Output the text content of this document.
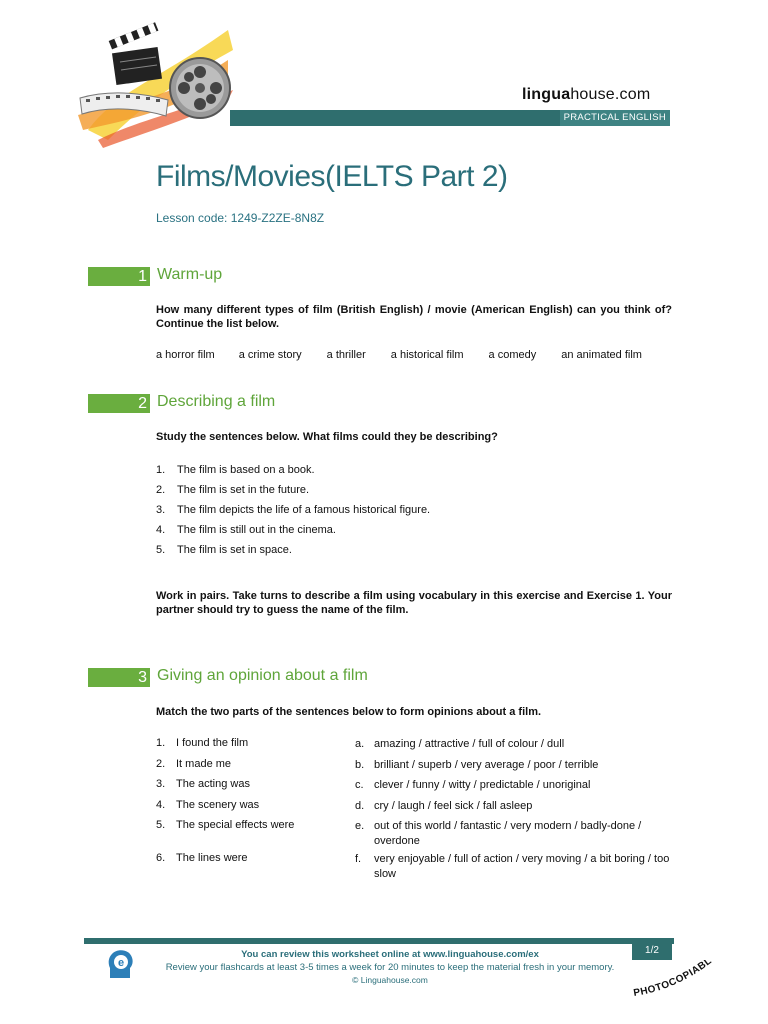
linguahouse.com
PRACTICAL ENGLISH
Films/Movies(IELTS Part 2)
Lesson code: 1249-Z2ZE-8N8Z
1 Warm-up
How many different types of film (British English) / movie (American English) can you think of? Continue the list below.
a horror film a crime story a thriller a historical film a comedy an animated film
2 Describing a film
Study the sentences below. What films could they be describing?
1. The film is based on a book.
2. The film is set in the future.
3. The film depicts the life of a famous historical figure.
4. The film is still out in the cinema.
5. The film is set in space.
Work in pairs. Take turns to describe a film using vocabulary in this exercise and Exercise 1. Your partner should try to guess the name of the film.
3 Giving an opinion about a film
Match the two parts of the sentences below to form opinions about a film.
1. I found the film
2. It made me
3. The acting was
4. The scenery was
5. The special effects were
6. The lines were
a. amazing / attractive / full of colour / dull
b. brilliant / superb / very average / poor / terrible
c. clever / funny / witty / predictable / unoriginal
d. cry / laugh / feel sick / fall asleep
e. out of this world / fantastic / very modern / badly-done / overdone
f. very enjoyable / full of action / very moving / a bit boring / too slow
1/2
e
You can review this worksheet online at www.linguahouse.com/ex
Review your flashcards at least 3-5 times a week for 20 minutes to keep the material fresh in your memory.
© Linguahouse.com
PHOTOCOPIABL
